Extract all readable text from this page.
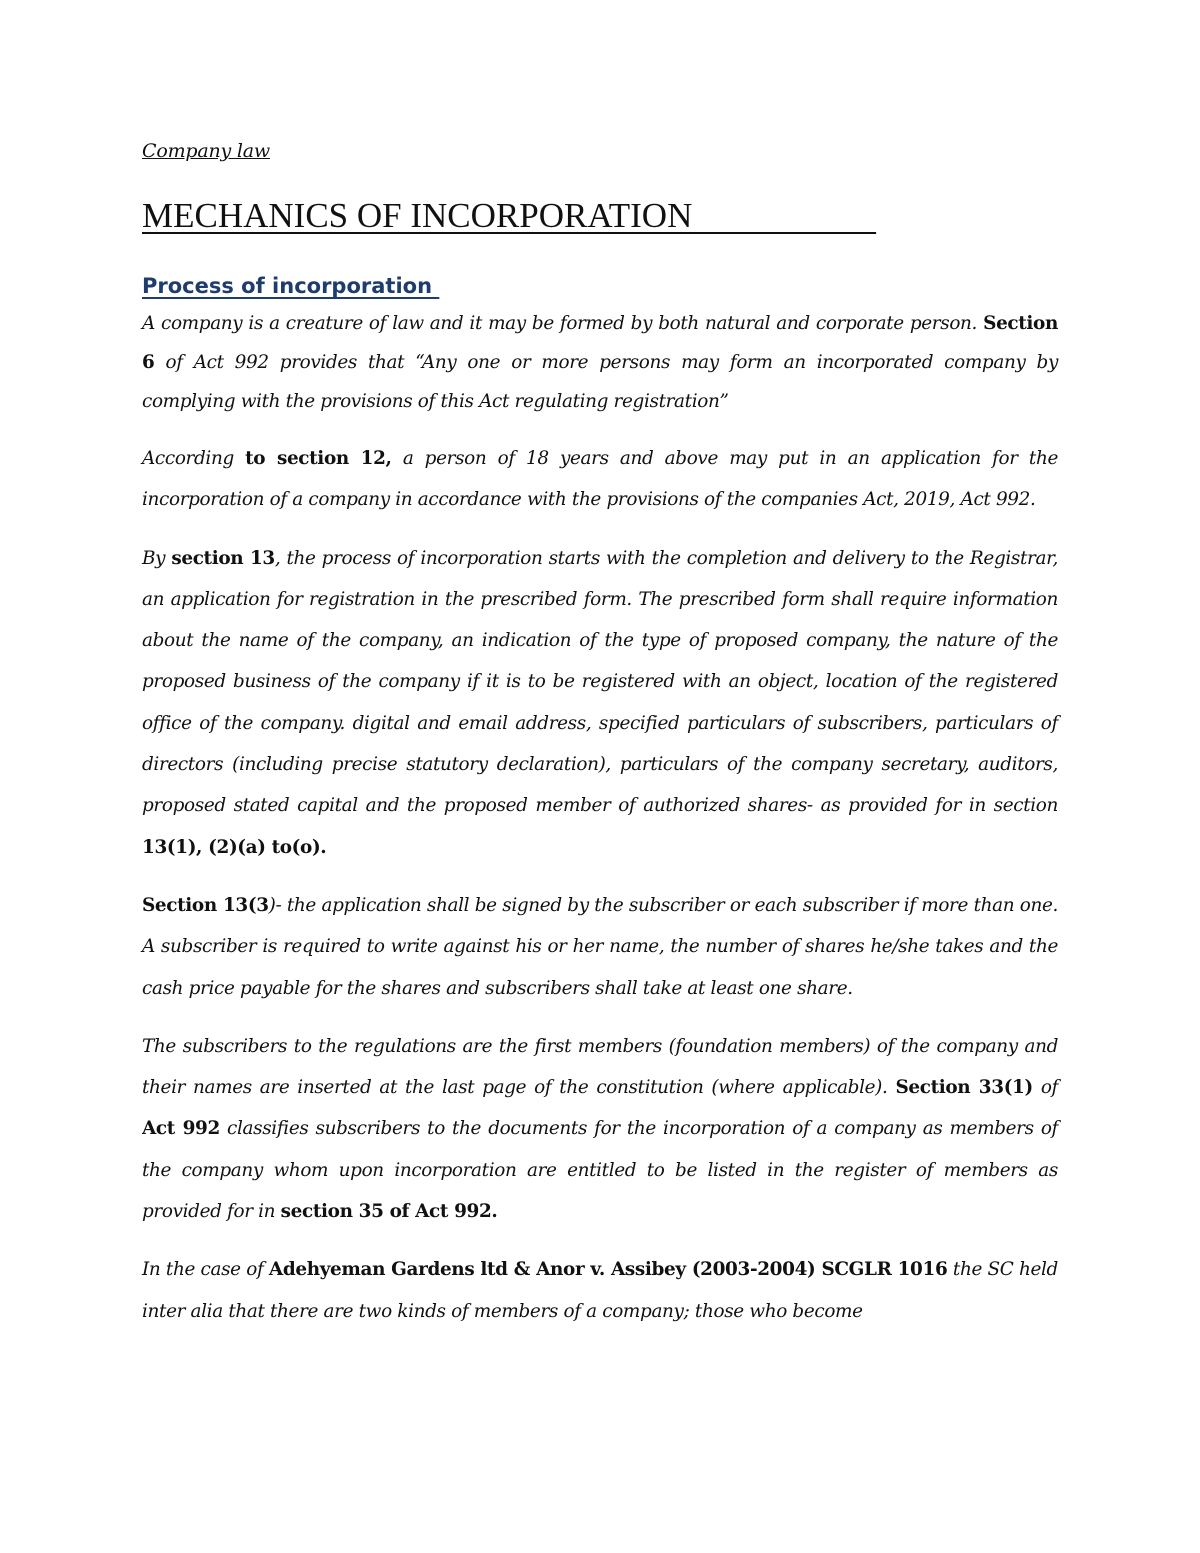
Company law
MECHANICS OF INCORPORATION
Process of incorporation

A company is a creature of law and it may be formed by both natural and corporate person. Section 6 of Act 992 provides that “Any one or more persons may form an incorporated company by complying with the provisions of this Act regulating registration”

According to section 12, a person of 18 years and above may put in an application for the incorporation of a company in accordance with the provisions of the companies Act, 2019, Act 992.

By section 13, the process of incorporation starts with the completion and delivery to the Registrar, an application for registration in the prescribed form. The prescribed form shall require information about the name of the company, an indication of the type of proposed company, the nature of the proposed business of the company if it is to be registered with an object, location of the registered office of the company. digital and email address, specified particulars of subscribers, particulars of directors (including precise statutory declaration), particulars of the company secretary, auditors, proposed stated capital and the proposed member of authorized shares- as provided for in section 13(1), (2)(a) to(o).

Section 13(3)- the application shall be signed by the subscriber or each subscriber if more than one. A subscriber is required to write against his or her name, the number of shares he/she takes and the cash price payable for the shares and subscribers shall take at least one share.

The subscribers to the regulations are the first members (foundation members) of the company and their names are inserted at the last page of the constitution (where applicable). Section 33(1) of Act 992 classifies subscribers to the documents for the incorporation of a company as members of the company whom upon incorporation are entitled to be listed in the register of members as provided for in section 35 of Act 992.

In the case of Adehyeman Gardens ltd & Anor v. Assibey (2003-2004) SCGLR 1016 the SC held inter alia that there are two kinds of members of a company; those who become
